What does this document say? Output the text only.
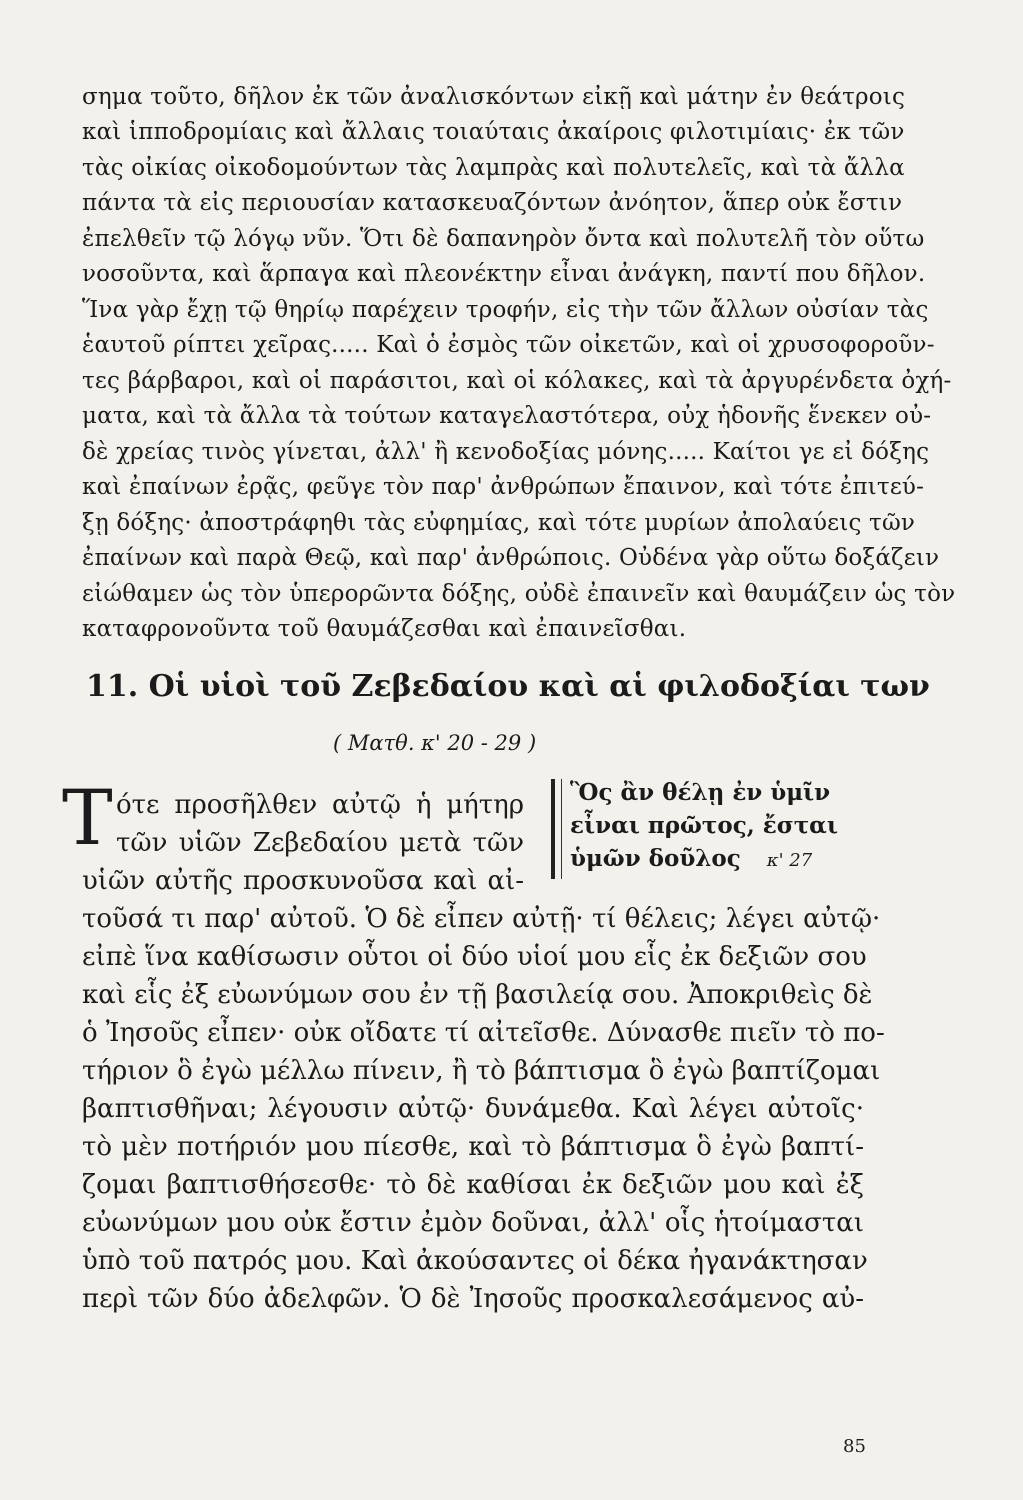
σημα τοῦτο, δῆλον ἐκ τῶν ἀναλισκόντων εἰκῇ καὶ μάτην ἐν θεάτροις

καὶ ἱπποδρομίαις καὶ ἄλλαις τοιαύταις ἀκαίροις φιλοτιμίαις· ἐκ τῶν

τὰς οἰκίας οἰκοδομούντων τὰς λαμπρὰς καὶ πολυτελεῖς, καὶ τὰ ἄλλα

πάντα τὰ εἰς περιουσίαν κατασκευαζόντων ἀνόητον, ἅπερ οὐκ ἔστιν

ἐπελθεῖν τῷ λόγῳ νῦν. Ὅτι δὲ δαπανηρὸν ὄντα καὶ πολυτελῆ τὸν οὕτω

νοσοῦντα, καὶ ἅρπαγα καὶ πλεονέκτην εἶναι ἀνάγκη, παντί που δῆλον.

Ἵνα γὰρ ἔχῃ τῷ θηρίῳ παρέχειν τροφήν, εἰς τὴν τῶν ἄλλων οὐσίαν τὰς

ἑαυτοῦ ρίπτει χεῖρας..... Καὶ ὁ ἐσμὸς τῶν οἰκετῶν, καὶ οἱ χρυσοφοροῦν-

τες βάρβαροι, καὶ οἱ παράσιτοι, καὶ οἱ κόλακες, καὶ τὰ ἀργυρένδετα ὀχή-

ματα, καὶ τὰ ἄλλα τὰ τούτων καταγελαστότερα, οὐχ ἡδονῆς ἕνεκεν οὐ-

δὲ χρείας τινὸς γίνεται, ἀλλ' ἢ κενοδοξίας μόνης..... Καίτοι γε εἰ δόξης

καὶ ἐπαίνων ἐρᾷς, φεῦγε τὸν παρ' ἀνθρώπων ἔπαινον, καὶ τότε ἐπιτεύ-

ξῃ δόξης· ἀποστράφηθι τὰς εὐφημίας, καὶ τότε μυρίων ἀπολαύεις τῶν

ἐπαίνων καὶ παρὰ Θεῷ, καὶ παρ' ἀνθρώποις. Οὐδένα γὰρ οὕτω δοξάζειν

εἰώθαμεν ὡς τὸν ὑπερορῶντα δόξης, οὐδὲ ἐπαινεῖν καὶ θαυμάζειν ὡς τὸν

καταφρονοῦντα τοῦ θαυμάζεσθαι καὶ ἐπαινεῖσθαι.

11. Οἱ υἱοὶ τοῦ Ζεβεδαίου καὶ αἱ φιλοδοξίαι των
( Ματθ. κ' 20 - 29 )
Τ ότε προσῆλθεν αὐτῷ ἡ μήτηρ

τῶν υἱῶν Ζεβεδαίου μετὰ τῶν

υἱῶν αὐτῆς προσκυνοῦσα καὶ αἰ-

τοῦσά τι παρ' αὐτοῦ. Ὁ δὲ εἶπεν αὐτῇ· τί θέλεις; λέγει αὐτῷ·

εἰπὲ ἵνα καθίσωσιν οὗτοι οἱ δύο υἱοί μου εἷς ἐκ δεξιῶν σου

καὶ εἷς ἐξ εὐωνύμων σου ἐν τῇ βασιλείᾳ σου. Ἀποκριθεὶς δὲ

ὁ Ἰησοῦς εἶπεν· οὐκ οἴδατε τί αἰτεῖσθε. Δύνασθε πιεῖν τὸ πο-

τήριον ὃ ἐγὼ μέλλω πίνειν, ἢ τὸ βάπτισμα ὃ ἐγὼ βαπτίζομαι

βαπτισθῆναι; λέγουσιν αὐτῷ· δυνάμεθα. Καὶ λέγει αὐτοῖς·

τὸ μὲν ποτήριόν μου πίεσθε, καὶ τὸ βάπτισμα ὃ ἐγὼ βαπτί-

ζομαι βαπτισθήσεσθε· τὸ δὲ καθίσαι ἐκ δεξιῶν μου καὶ ἐξ

εὐωνύμων μου οὐκ ἔστιν ἐμὸν δοῦναι, ἀλλ' οἷς ἡτοίμασται

ὑπὸ τοῦ πατρός μου. Καὶ ἀκούσαντες οἱ δέκα ἠγανάκτησαν

περὶ τῶν δύο ἀδελφῶν. Ὁ δὲ Ἰησοῦς προσκαλεσάμενος αὐ-

Ὃς ἂν θέλῃ ἐν ὑμῖν
εἶναι πρῶτος, ἔσται
ὑμῶν δοῦλος κ' 27
85
